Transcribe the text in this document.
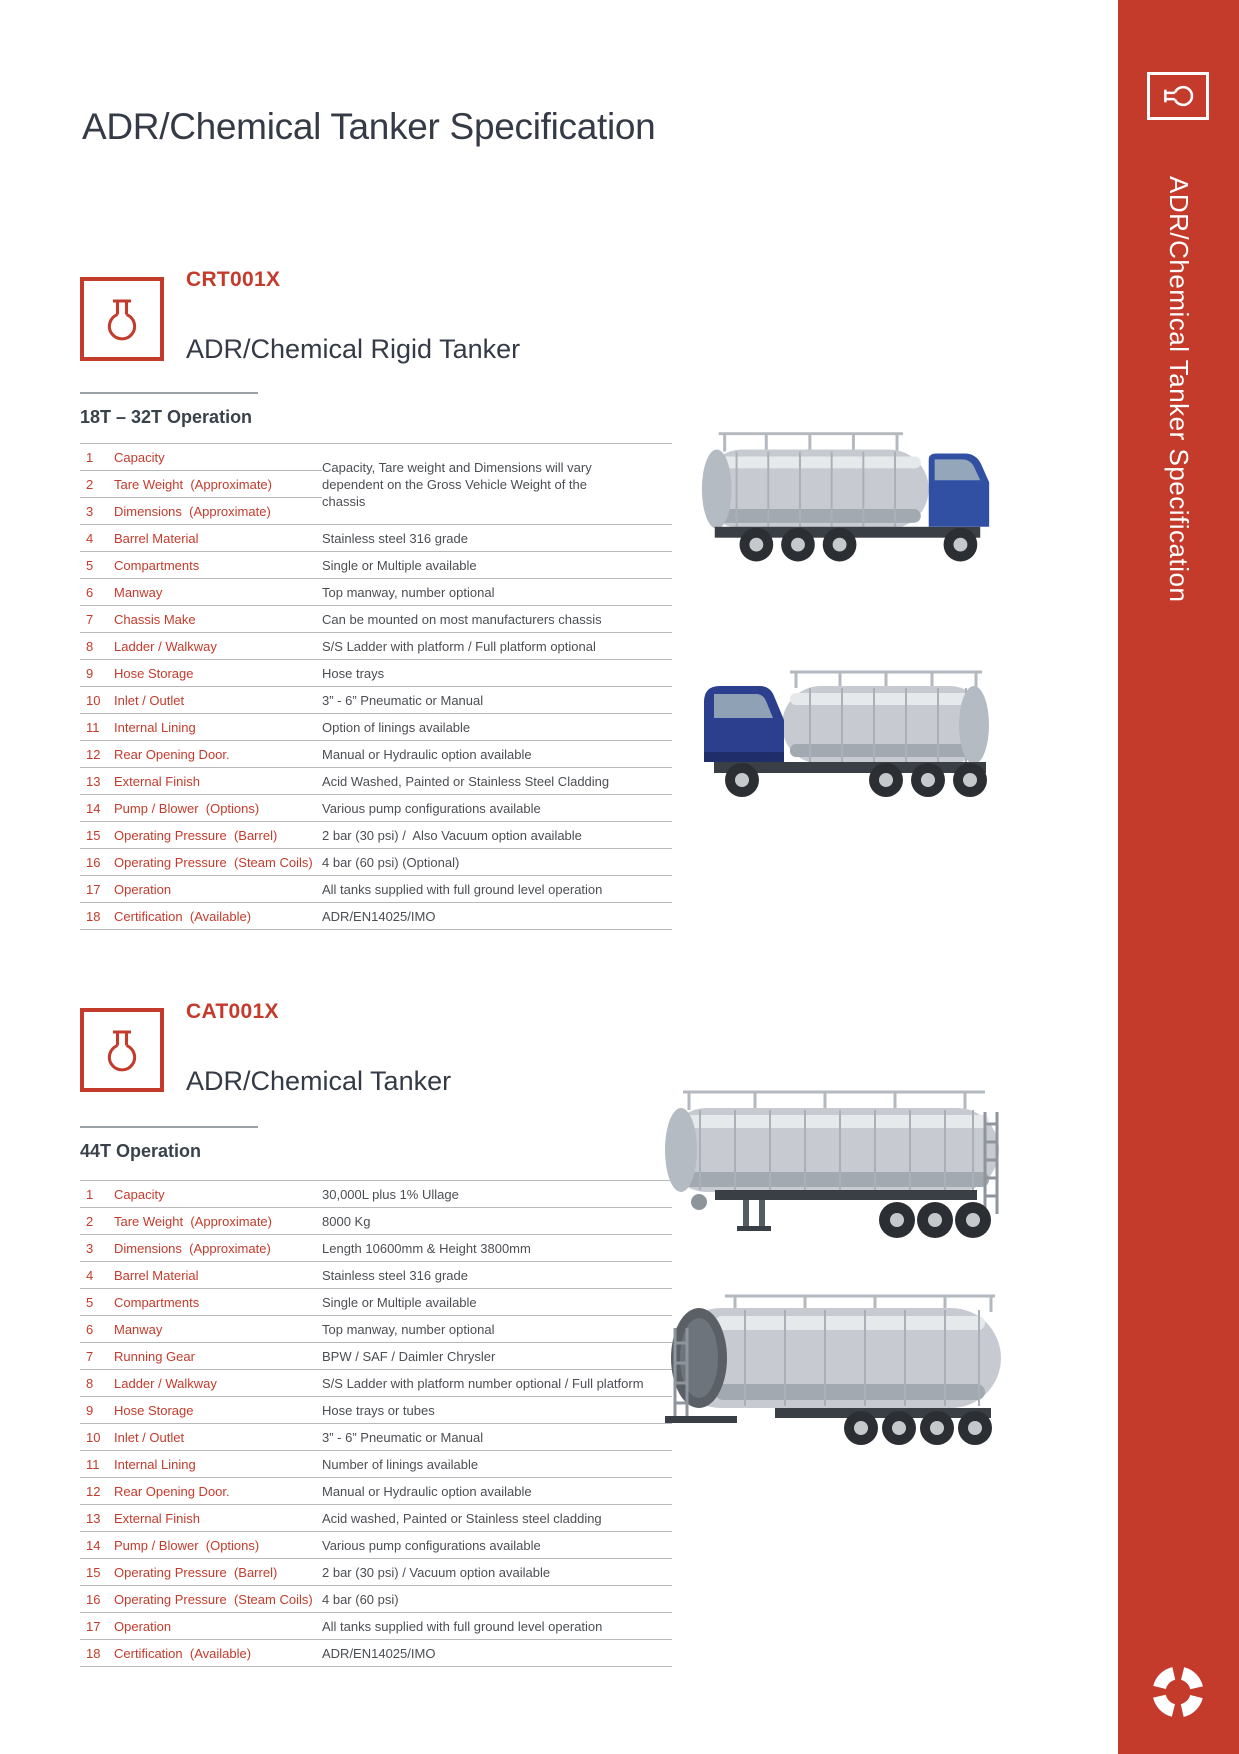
ADR/Chemical Tanker Specification
CRT001X
ADR/Chemical Rigid Tanker
18T – 32T Operation
Capacity, Tare weight and Dimensions will vary dependent on the Gross Vehicle Weight of the chassis
1	Capacity
2	Tare Weight  (Approximate)
3	Dimensions  (Approximate)
4	Barrel Material	Stainless steel 316 grade
5	Compartments	Single or Multiple available
6	Manway	Top manway, number optional
7	Chassis Make	Can be mounted on most manufacturers chassis
8	Ladder / Walkway	S/S Ladder with platform / Full platform optional
9	Hose Storage	Hose trays
10	Inlet / Outlet	3” - 6” Pneumatic or Manual
11	Internal Lining	Option of linings available
12	Rear Opening Door.	Manual or Hydraulic option available
13	External Finish	Acid Washed, Painted or Stainless Steel Cladding
14	Pump / Blower  (Options)	Various pump configurations available
15	Operating Pressure  (Barrel)	2 bar (30 psi) /  Also Vacuum option available
16	Operating Pressure  (Steam Coils) 4 bar (60 psi) (Optional)
17	Operation	All tanks supplied with full ground level operation
18	Certification  (Available)	ADR/EN14025/IMO
CAT001X
ADR/Chemical Tanker
44T Operation
1	Capacity	30,000L plus 1% Ullage
2	Tare Weight  (Approximate)	8000 Kg
3	Dimensions  (Approximate)	Length 10600mm & Height 3800mm
4	Barrel Material	Stainless steel 316 grade
5	Compartments	Single or Multiple available
6	Manway	Top manway, number optional
7	Running Gear	BPW / SAF / Daimler Chrysler
8	Ladder / Walkway	S/S Ladder with platform number optional / Full platform
9	Hose Storage	Hose trays or tubes
10	Inlet / Outlet	3” - 6” Pneumatic or Manual
11	Internal Lining	Number of linings available
12	Rear Opening Door.	Manual or Hydraulic option available
13	External Finish	Acid washed, Painted or Stainless steel cladding
14	Pump / Blower  (Options)	Various pump configurations available
15	Operating Pressure  (Barrel)	2 bar (30 psi) / Vacuum option available
16	Operating Pressure  (Steam Coils) 4 bar (60 psi)
17	Operation	All tanks supplied with full ground level operation
18	Certification  (Available)	ADR/EN14025/IMO
ADR/Chemical Tanker Specification
